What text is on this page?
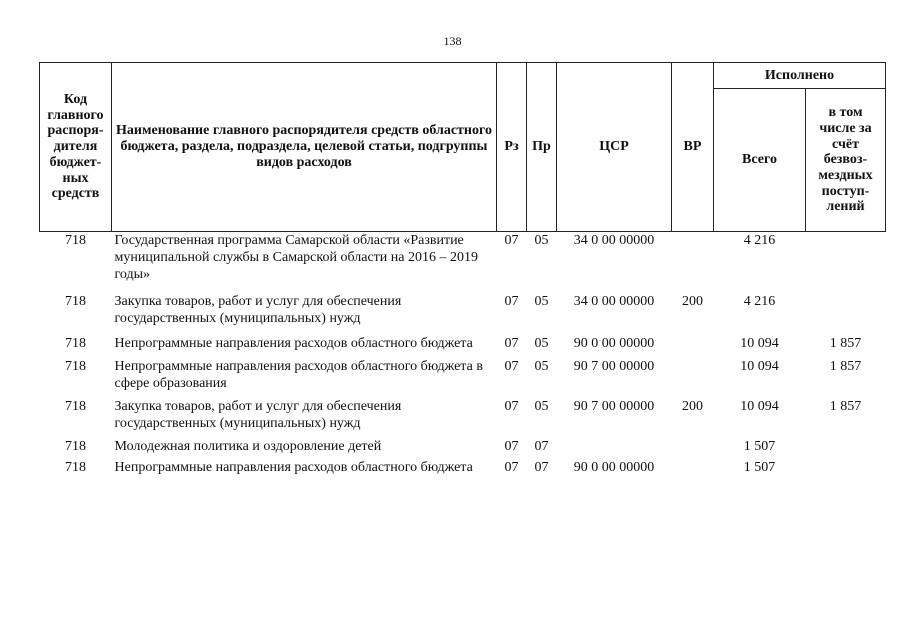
138
Код главного распоря-дителя бюджет-ных средств	Наименование главного распорядителя средств областного бюджета, раздела, подраздела, целевой статьи, подгруппы видов расходов	Рз	Пр	ЦСР	ВР	Исполнено	
						Всего	в том числе за счёт безвоз-мездных поступ-лений
718	Государственная программа Самарской области «Развитие муниципальной службы в Самарской области на 2016 – 2019 годы»	07	05	34 0 00 00000		4 216	

718	Закупка товаров, работ и услуг для обеспечения государственных (муниципальных) нужд	07	05	34 0 00 00000	200	4 216	

718	Непрограммные направления расходов областного бюджета	07	05	90 0 00 00000		10 094	1 857

718	Непрограммные направления расходов областного бюджета в сфере образования	07	05	90 7 00 00000		10 094	1 857

718	Закупка товаров, работ и услуг для обеспечения государственных (муниципальных) нужд	07	05	90 7 00 00000	200	10 094	1 857

718	Молодежная политика и оздоровление детей	07	07			1 507	

718	Непрограммные направления расходов областного бюджета	07	07	90 0 00 00000		1 507	
